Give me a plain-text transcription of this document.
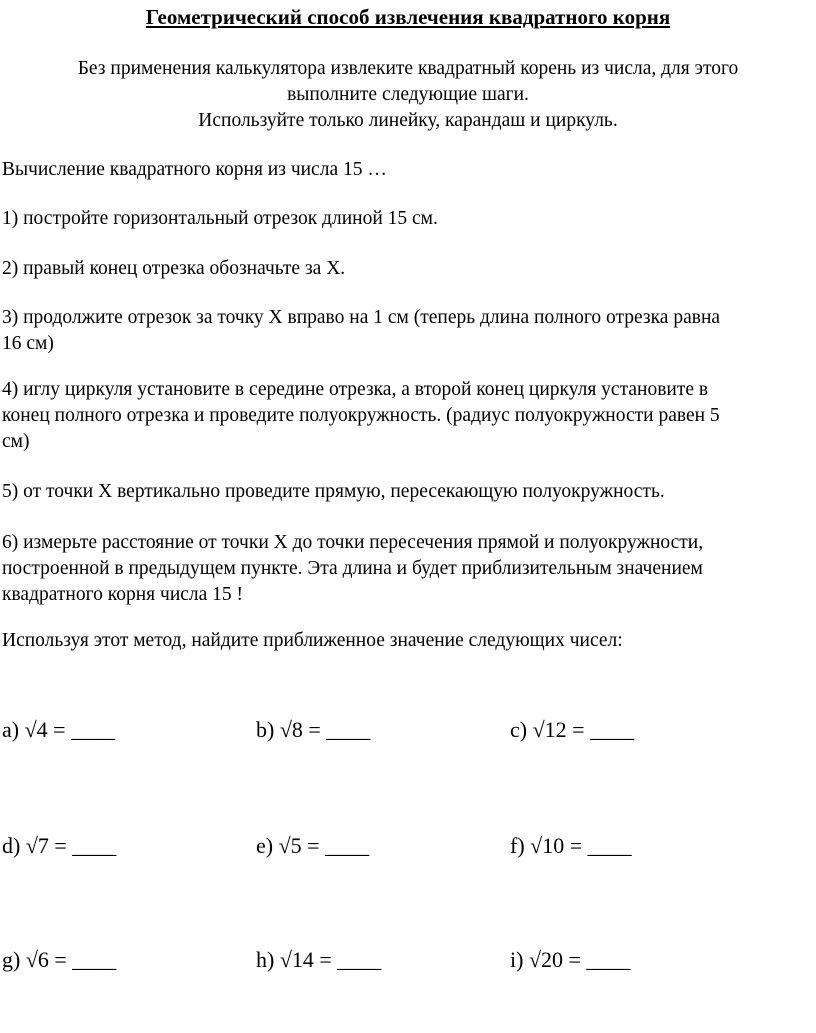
Геометрический способ извлечения квадратного корня
Без применения калькулятора извлеките квадратный корень из числа, для этого
выполните следующие шаги.
Используйте только линейку, карандаш и циркуль.
Вычисление квадратного корня из числа 15 …
1) постройте горизонтальный отрезок длиной 15 см.
2) правый конец отрезка обозначьте за X.
3) продолжите отрезок за точку X вправо на 1 см (теперь длина полного отрезка равна
16 см)
4) иглу циркуля установите в середине отрезка, а второй конец циркуля установите в
конец полного отрезка и проведите полуокружность. (радиус полуокружности равен 5
см)
5) от точки X вертикально проведите прямую, пересекающую полуокружность.
6) измерьте расстояние от точки X до точки пересечения прямой и полуокружности,
построенной в предыдущем пункте. Эта длина и будет приблизительным значением
квадратного корня числа 15 !
Используя этот метод, найдите приближенное значение следующих чисел:
a) √4 = ____	b) √8 = ____	c) √12 = ____
d) √7 = ____	e) √5 = ____	f) √10 = ____
g) √6 = ____	h) √14 = ____	i) √20 = ____
